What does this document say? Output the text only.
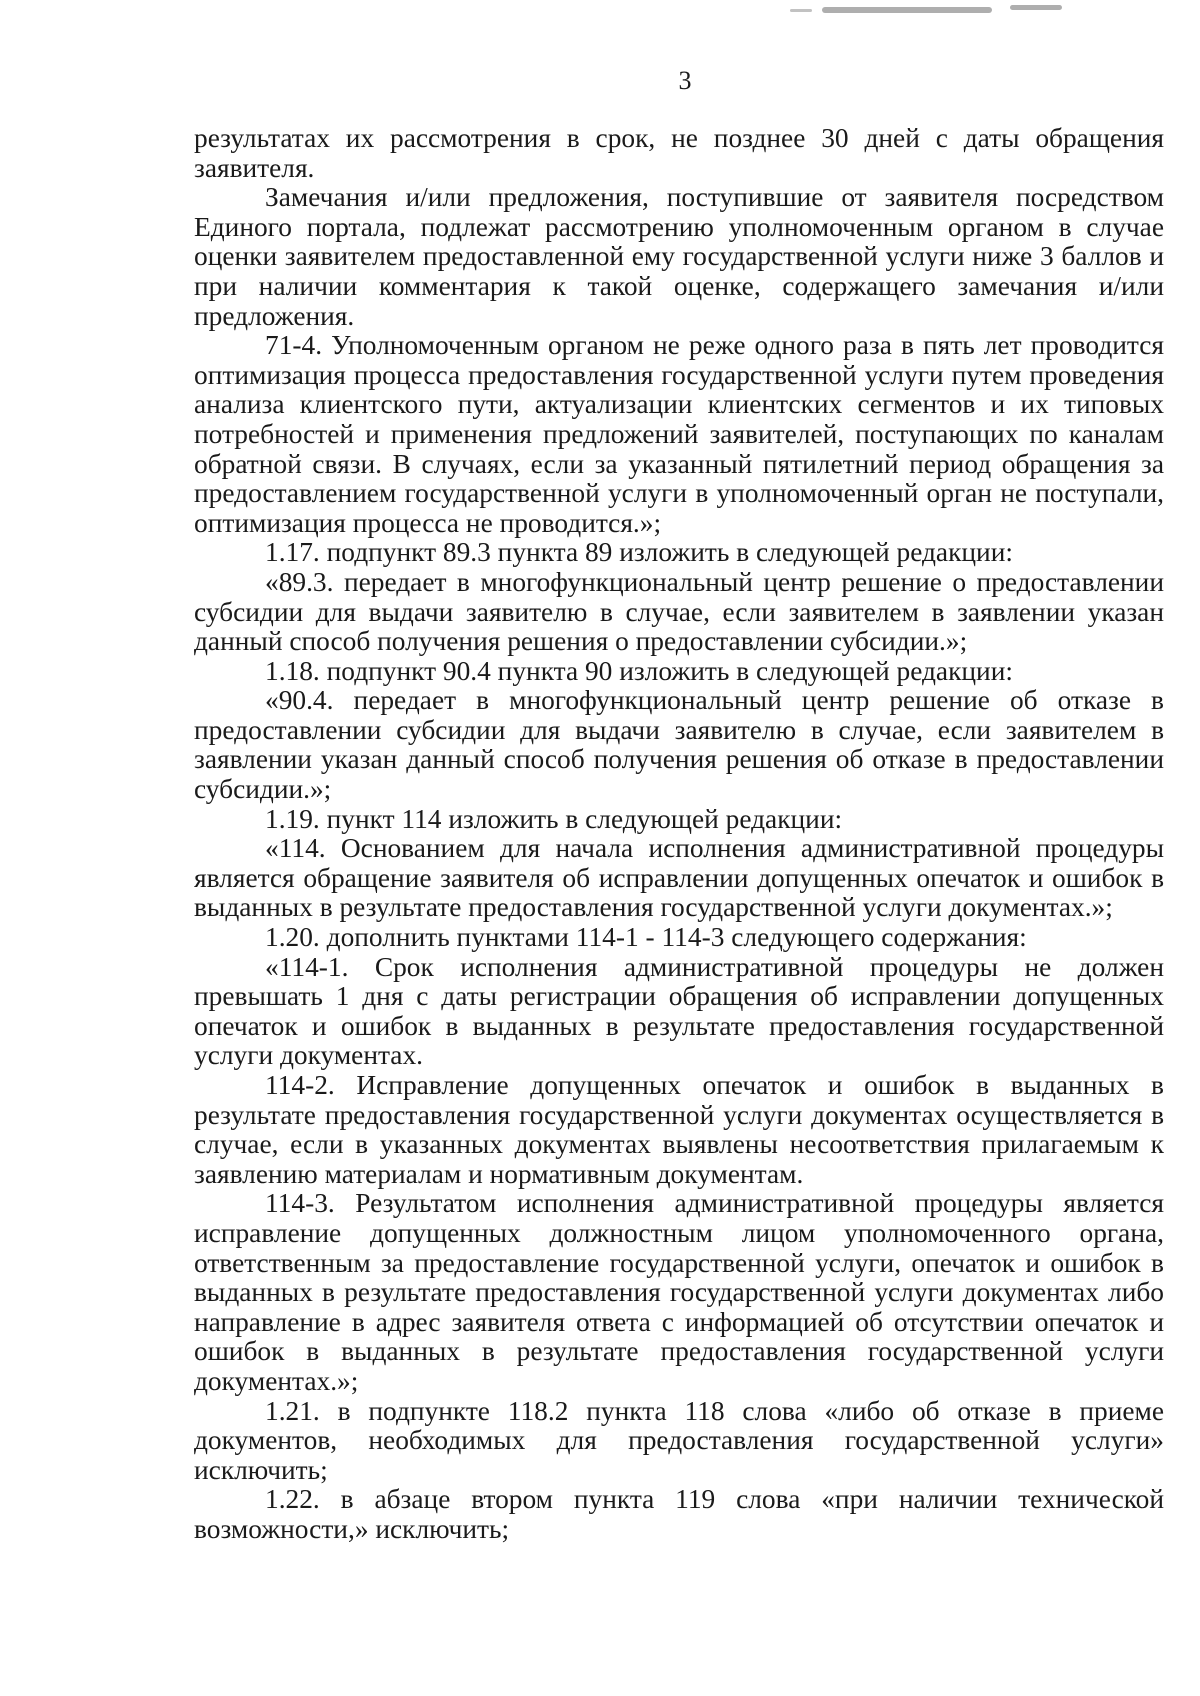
3

результатах их рассмотрения в срок, не позднее 30 дней с даты обращения заявителя.

Замечания и/или предложения, поступившие от заявителя посредством Единого портала, подлежат рассмотрению уполномоченным органом в случае оценки заявителем предоставленной ему государственной услуги ниже 3 баллов и при наличии комментария к такой оценке, содержащего замечания и/или предложения.

71-4. Уполномоченным органом не реже одного раза в пять лет проводится оптимизация процесса предоставления государственной услуги путем проведения анализа клиентского пути, актуализации клиентских сегментов и их типовых потребностей и применения предложений заявителей, поступающих по каналам обратной связи. В случаях, если за указанный пятилетний период обращения за предоставлением государственной услуги в уполномоченный орган не поступали, оптимизация процесса не проводится.»;

1.17. подпункт 89.3 пункта 89 изложить в следующей редакции:

«89.3. передает в многофункциональный центр решение о предоставлении субсидии для выдачи заявителю в случае, если заявителем в заявлении указан данный способ получения решения о предоставлении субсидии.»;

1.18. подпункт 90.4 пункта 90 изложить в следующей редакции:

«90.4. передает в многофункциональный центр решение об отказе в предоставлении субсидии для выдачи заявителю в случае, если заявителем в заявлении указан данный способ получения решения об отказе в предоставлении субсидии.»;

1.19. пункт 114 изложить в следующей редакции:

«114. Основанием для начала исполнения административной процедуры является обращение заявителя об исправлении допущенных опечаток и ошибок в выданных в результате предоставления государственной услуги документах.»;

1.20. дополнить пунктами 114-1 - 114-3 следующего содержания:

«114-1. Срок исполнения административной процедуры не должен превышать 1 дня с даты регистрации обращения об исправлении допущенных опечаток и ошибок в выданных в результате предоставления государственной услуги документах.

114-2. Исправление допущенных опечаток и ошибок в выданных в результате предоставления государственной услуги документах осуществляется в случае, если в указанных документах выявлены несоответствия прилагаемым к заявлению материалам и нормативным документам.

114-3. Результатом исполнения административной процедуры является исправление допущенных должностным лицом уполномоченного органа, ответственным за предоставление государственной услуги, опечаток и ошибок в выданных в результате предоставления государственной услуги документах либо направление в адрес заявителя ответа с информацией об отсутствии опечаток и ошибок в выданных в результате предоставления государственной услуги документах.»;

1.21. в подпункте 118.2 пункта 118 слова «либо об отказе в приеме документов, необходимых для предоставления государственной услуги» исключить;

1.22. в абзаце втором пункта 119 слова «при наличии технической возможности,» исключить;
